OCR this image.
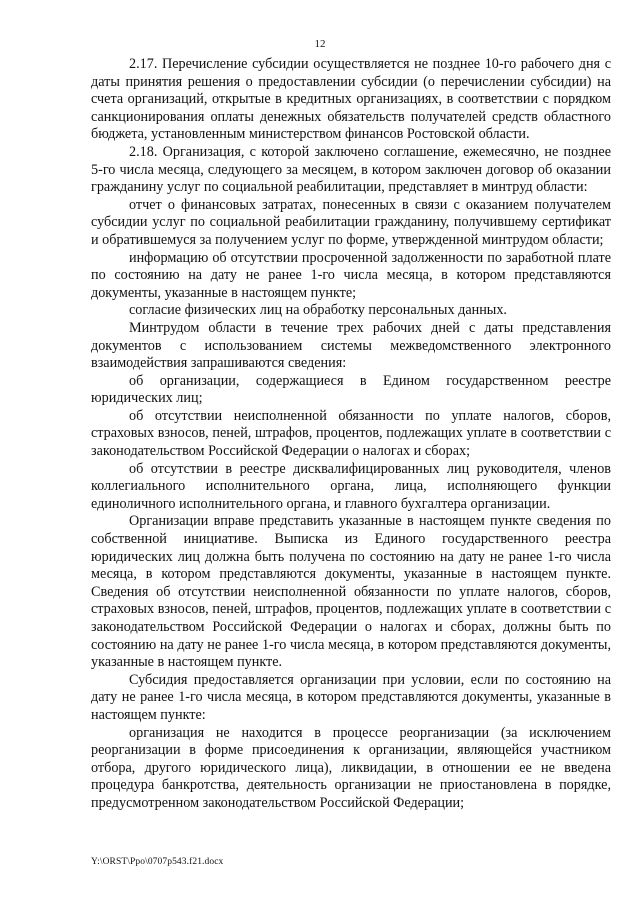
12

2.17. Перечисление субсидии осуществляется не позднее 10-го рабочего дня с даты принятия решения о предоставлении субсидии (о перечислении субсидии) на счета организаций, открытые в кредитных организациях, в соответствии с порядком санкционирования оплаты денежных обязательств получателей средств областного бюджета, установленным министерством финансов Ростовской области.

2.18. Организация, с которой заключено соглашение, ежемесячно, не позднее 5-го числа месяца, следующего за месяцем, в котором заключен договор об оказании гражданину услуг по социальной реабилитации, представляет в минтруд области:

отчет о финансовых затратах, понесенных в связи с оказанием получателем субсидии услуг по социальной реабилитации гражданину, получившему сертификат и обратившемуся за получением услуг по форме, утвержденной минтрудом области;

информацию об отсутствии просроченной задолженности по заработной плате по состоянию на дату не ранее 1-го числа месяца, в котором представляются документы, указанные в настоящем пункте;

согласие физических лиц на обработку персональных данных.

Минтрудом области в течение трех рабочих дней с даты представления документов с использованием системы межведомственного электронного взаимодействия запрашиваются сведения:

об организации, содержащиеся в Едином государственном реестре юридических лиц;

об отсутствии неисполненной обязанности по уплате налогов, сборов, страховых взносов, пеней, штрафов, процентов, подлежащих уплате в соответствии с законодательством Российской Федерации о налогах и сборах;

об отсутствии в реестре дисквалифицированных лиц руководителя, членов коллегиального исполнительного органа, лица, исполняющего функции единоличного исполнительного органа, и главного бухгалтера организации.

Организации вправе представить указанные в настоящем пункте сведения по собственной инициативе. Выписка из Единого государственного реестра юридических лиц должна быть получена по состоянию на дату не ранее 1-го числа месяца, в котором представляются документы, указанные в настоящем пункте. Сведения об отсутствии неисполненной обязанности по уплате налогов, сборов, страховых взносов, пеней, штрафов, процентов, подлежащих уплате в соответствии с законодательством Российской Федерации о налогах и сборах, должны быть по состоянию на дату не ранее 1-го числа месяца, в котором представляются документы, указанные в настоящем пункте.

Субсидия предоставляется организации при условии, если по состоянию на дату не ранее 1-го числа месяца, в котором представляются документы, указанные в настоящем пункте:

организация не находится в процессе реорганизации (за исключением реорганизации в форме присоединения к организации, являющейся участником отбора, другого юридического лица), ликвидации, в отношении ее не введена процедура банкротства, деятельность организации не приостановлена в порядке, предусмотренном законодательством Российской Федерации;

Y:\ORST\Ppo\0707p543.f21.docx
